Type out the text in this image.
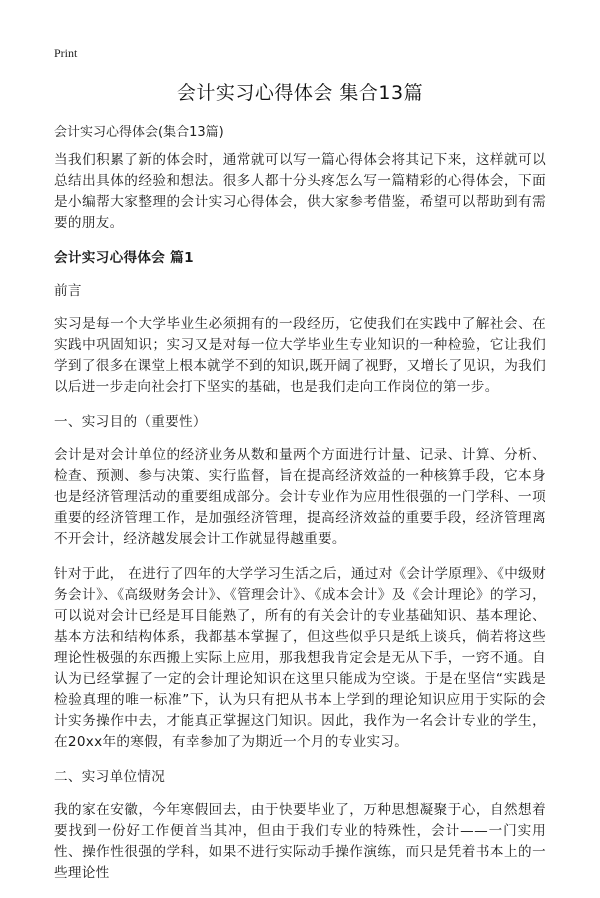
Print
会计实习心得体会 集合13篇
会计实习心得体会(集合13篇)

当我们积累了新的体会时，通常就可以写一篇心得体会将其记下来，这样就可以总结出具体的经验和想法。很多人都十分头疼怎么写一篇精彩的心得体会，下面是小编帮大家整理的会计实习心得体会，供大家参考借鉴，希望可以帮助到有需要的朋友。

会计实习心得体会 篇1
前言

实习是每一个大学毕业生必须拥有的一段经历，它使我们在实践中了解社会、在实践中巩固知识；实习又是对每一位大学毕业生专业知识的一种检验，它让我们学到了很多在课堂上根本就学不到的知识,既开阔了视野，又增长了见识，为我们以后进一步走向社会打下坚实的基础，也是我们走向工作岗位的第一步。

一、实习目的（重要性）

会计是对会计单位的经济业务从数和量两个方面进行计量、记录、计算、分析、检查、预测、参与决策、实行监督，旨在提高经济效益的一种核算手段，它本身也是经济管理活动的重要组成部分。会计专业作为应用性很强的一门学科、一项重要的经济管理工作，是加强经济管理，提高经济效益的重要手段，经济管理离不开会计，经济越发展会计工作就显得越重要。

针对于此， 在进行了四年的大学学习生活之后，通过对《会计学原理》、《中级财务会计》、《高级财务会计》、《管理会计》、《成本会计》及《会计理论》的学习，可以说对会计已经是耳目能熟了，所有的有关会计的专业基础知识、基本理论、基本方法和结构体系，我都基本掌握了，但这些似乎只是纸上谈兵，倘若将这些理论性极强的东西搬上实际上应用，那我想我肯定会是无从下手，一窍不通。自认为已经掌握了一定的会计理论知识在这里只能成为空谈。于是在坚信“实践是检验真理的唯一标准”下，认为只有把从书本上学到的理论知识应用于实际的会计实务操作中去，才能真正掌握这门知识。因此，我作为一名会计专业的学生，在20xx年的寒假，有幸参加了为期近一个月的专业实习。

二、实习单位情况

我的家在安徽，今年寒假回去，由于快要毕业了，万种思想凝聚于心，自然想着要找到一份好工作便首当其冲，但由于我们专业的特殊性，会计——一门实用性、操作性很强的学科，如果不进行实际动手操作演练，而只是凭着书本上的一些理论性
